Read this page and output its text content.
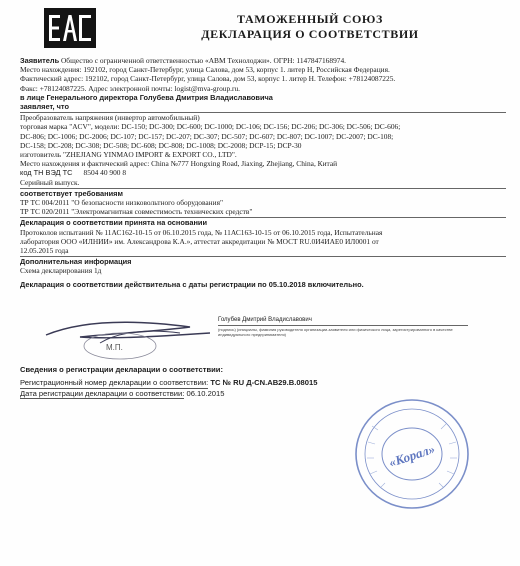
ТАМОЖЕННЫЙ СОЮЗ
ДЕКЛАРАЦИЯ О СООТВЕТСТВИИ
Заявитель Общество с ограниченной ответственностью «АВМ Технолоджи». ОГРН: 1147847168974.
Место нахождения: 192102, город Санкт-Петербург, улица Салова, дом 53, корпус 1. литер Н, Российская Федерация.
Фактический адрес: 192102, город Санкт-Петербург, улица Салова, дом 53, корпус 1. литер Н. Телефон: +78124087225.
Факс: +78124087225. Адрес электронной почты: logist@mva-group.ru.
в лице Генерального директора Голубева Дмитрия Владиславовича
заявляет, что
Преобразователь напряжения (инвертор автомобильный)
торговая марка "ACV", модели: DC-150; DC-300; DC-600; DC-1000; DC-106; DC-156; DC-206; DC-306; DC-506; DC-606;
DC-806; DC-1006; DC-2006; DC-107; DC-157; DC-207; DC-307; DC-507; DC-607; DC-807; DC-1007; DC-2007; DC-108;
DC-158; DC-208; DC-308; DC-508; DC-608; DC-808; DC-1008; DC-2008; DCP-15; DCP-30
изготовитель "ZHEJIANG YINMAO IMPORT & EXPORT CO., LTD".
Место нахождения и фактический адрес: China №777 Hongxing Road, Jiaxing, Zhejiang, China, Китай
код ТН ВЭД ТС 8504 40 900 8
Серийный выпуск.
соответствует требованиям
ТР ТС 004/2011 "О безопасности низковольтного оборудования"
ТР ТС 020/2011 "Электромагнитная совместимость технических средств"
Декларация о соответствии принята на основании
Протоколов испытаний № 11АС162-10-15 от 06.10.2015 года, № 11АС163-10-15 от 06.10.2015 года, Испытательная
лаборатория ООО «ИЛНИИ» им. Александрова К.А.», аттестат аккредитации № МОСТ RU.0И4ИАЕ0 ИЛ0001 от
12.05.2015 года
Дополнительная информация
Схема декларирования 1д
Декларация о соответствии действительна с даты регистрации по 05.10.2018 включительно.
М.П.
Голубев Дмитрий Владиславович
(подпись) (инициалы, фамилия руководителя организации-заявителя или физического лица, зарегистрированного в качестве
индивидуального предпринимателя)
Сведения о регистрации декларации о соответствии:
Регистрационный номер декларации о соответствии: ТС № RU Д-CN.AB29.B.08015
Дата регистрации декларации о соответствии: 06.10.2015
«Корал»
